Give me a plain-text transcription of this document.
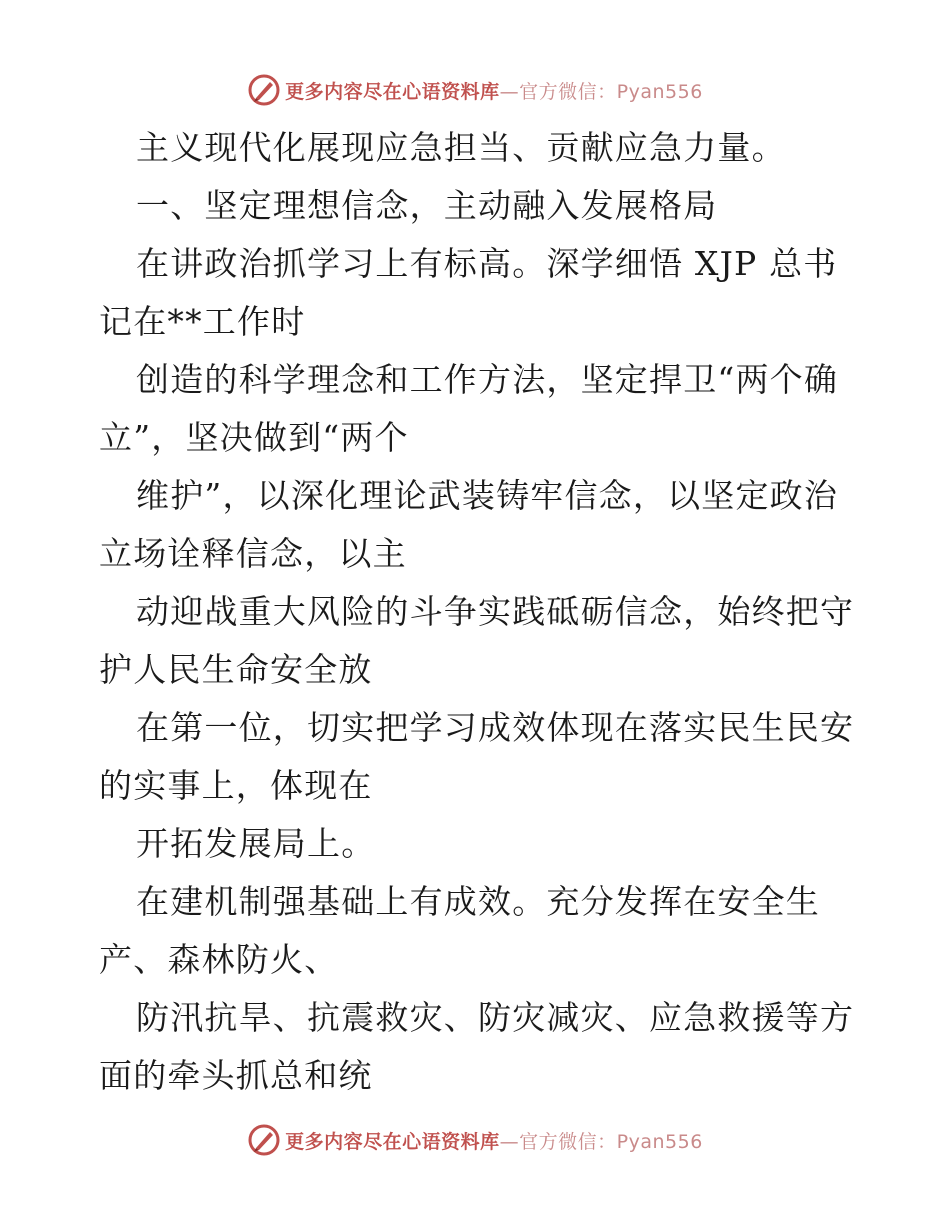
更多内容尽在心语资料库—官方微信：Pyan556
主义现代化展现应急担当、贡献应急力量。
一、坚定理想信念，主动融入发展格局
在讲政治抓学习上有标高。深学细悟 XJP 总书
记在**工作时
创造的科学理念和工作方法，坚定捍卫“两个确
立”，坚决做到“两个
维护”，以深化理论武装铸牢信念，以坚定政治
立场诠释信念，以主
动迎战重大风险的斗争实践砥砺信念，始终把守
护人民生命安全放
在第一位，切实把学习成效体现在落实民生民安
的实事上，体现在
开拓发展局上。
在建机制强基础上有成效。充分发挥在安全生
产、森林防火、
防汛抗旱、抗震救灾、防灾减灾、应急救援等方
面的牵头抓总和统
更多内容尽在心语资料库—官方微信：Pyan556
